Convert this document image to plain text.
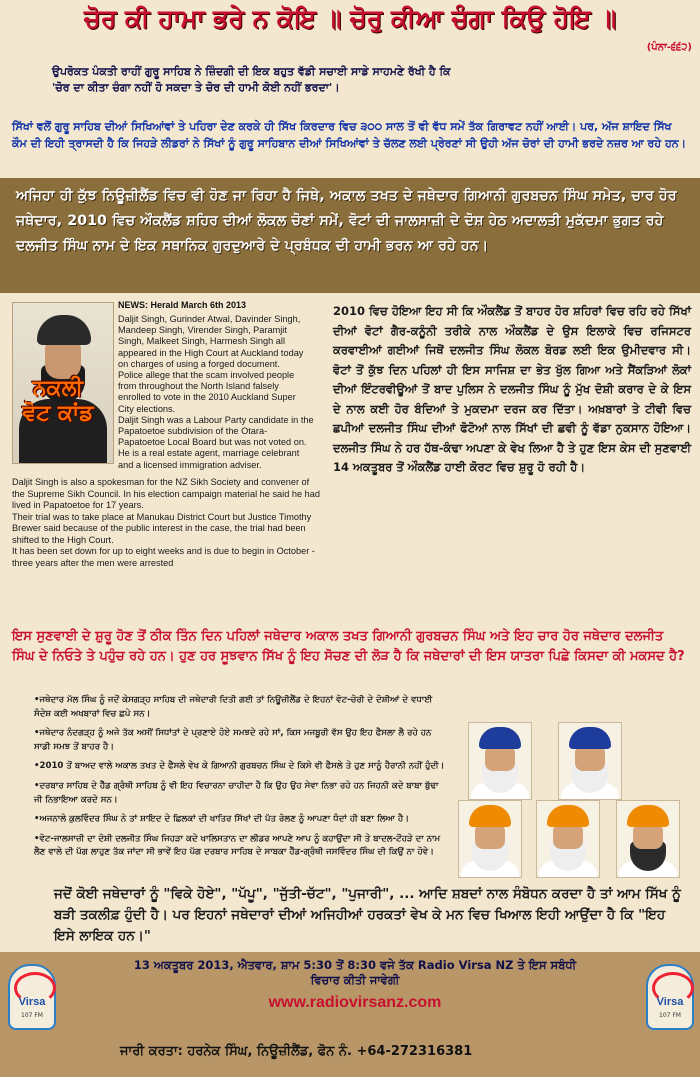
ਚੋਰ ਕੀ ਹਾਮਾ ਭਰੇ ਨ ਕੋਇ ॥ ਚੋਰੁ ਕੀਆ ਚੰਗਾ ਕਿਉ ਹੋਇ ॥
(ਪੰਨਾ-੬੬੨)

ਉਪਰੋਕਤ ਪੰਕਤੀ ਰਾਹੀਂ ਗੁਰੂ ਸਾਹਿਬ ਨੇ ਜ਼ਿੰਦਗੀ ਦੀ ਇਕ ਬਹੁਤ ਵੱਡੀ ਸਚਾਈ ਸਾਡੇ ਸਾਹਮਣੇ ਰੱਖੀ ਹੈ ਕਿ

'ਚੋਰ ਦਾ ਕੀਤਾ ਚੰਗਾ ਨਹੀਂ ਹੋ ਸਕਦਾ ਤੇ ਚੋਰ ਦੀ ਹਾਮੀ ਕੋਈ ਨਹੀਂ ਭਰਦਾ'।

ਸਿੱਖਾਂ ਵਲੋਂ ਗੁਰੂ ਸਾਹਿਬ ਦੀਆਂ ਸਿਖਿਆਂਵਾਂ ਤੇ ਪਹਿਰਾ ਦੇਣ ਕਰਕੇ ਹੀ ਸਿੱਖ ਕਿਰਦਾਰ ਵਿਚ ੩੦੦ ਸਾਲ ਤੋਂ ਵੀ ਵੱਧ ਸਮੇਂ ਤੱਕ ਗਿਰਾਵਟ ਨਹੀਂ ਆਈ। ਪਰ, ਅੱਜ ਸ਼ਾਇਦ ਸਿੱਖ ਕੌਮ ਦੀ ਇਹੀ ਤ੍ਰਾਸਦੀ ਹੈ ਕਿ ਜਿਹੜੇ ਲੀਡਰਾਂ ਨੇ ਸਿੱਖਾਂ ਨੂੰ ਗੁਰੂ ਸਾਹਿਬਾਨ ਦੀਆਂ ਸਿਖਿਆਂਵਾਂ ਤੇ ਚੱਲਣ ਲਈ ਪ੍ਰੇਰਣਾਂ ਸੀ ਉਹੀ ਅੱਜ ਚੋਰਾਂ ਦੀ ਹਾਮੀ ਭਰਦੇ ਨਜ਼ਰ ਆ ਰਹੇ ਹਨ।

ਅਜਿਹਾ ਹੀ ਕੁੱਝ ਨਿਊਜ਼ੀਲੈਂਡ ਵਿਚ ਵੀ ਹੋਣ ਜਾ ਰਿਹਾ ਹੈ ਜਿਥੇ, ਅਕਾਲ ਤਖਤ ਦੇ ਜਥੇਦਾਰ ਗਿਆਨੀ ਗੁਰਬਚਨ ਸਿੰਘ ਸਮੇਤ, ਚਾਰ ਹੋਰ ਜਥੇਦਾਰ, 2010 ਵਿਚ ਔਕਲੈਂਡ ਸ਼ਹਿਰ ਦੀਆਂ ਲੋਕਲ ਚੋਣਾਂ ਸਮੇਂ, ਵੋਟਾਂ ਦੀ ਜਾਲਸਾਜ਼ੀ ਦੇ ਦੋਸ਼ ਹੇਠ ਅਦਾਲਤੀ ਮੁਕੱਦਮਾ ਭੁਗਤ ਰਹੇ ਦਲਜੀਤ ਸਿੰਘ ਨਾਮ ਦੇ ਇਕ ਸਥਾਨਿਕ ਗੁਰਦੁਆਰੇ ਦੇ ਪ੍ਰਬੰਧਕ ਦੀ ਹਾਮੀ ਭਰਨ ਆ ਰਹੇ ਹਨ।

ਨਕਲੀ
ਵੋਟ ਕਾਂਡ
NEWS: Herald March 6th 2013

Daljit Singh, Gurinder Atwal, Davinder Singh, Mandeep Singh, Virender Singh, Paramjit Singh, Malkeet Singh, Harmesh Singh all appeared in the High Court at Auckland today on charges of using a forged document.

Police allege that the scam involved people from throughout the North Island falsely enrolled to vote in the 2010 Auckland Super City elections.

Daljit Singh was a Labour Party candidate in the Papatoetoe subdivision of the Otara-Papatoetoe Local Board but was not voted on. He is a real estate agent, marriage celebrant and a licensed immigration adviser.

Daljit Singh is also a spokesman for the NZ Sikh Society and convener of the Supreme Sikh Council. In his election campaign material he said he had lived in Papatoetoe for 17 years.

Their trial was to take place at Manukau District Court but Justice Timothy Brewer said because of the public interest in the case, the trial had been shifted to the High Court.

It has been set down for up to eight weeks and is due to begin in October - three years after the men were arrested

2010 ਵਿਚ ਹੋਇਆ ਇਹ ਸੀ ਕਿ ਔਕਲੈਂਡ ਤੋਂ ਬਾਹਰ ਹੋਰ ਸ਼ਹਿਰਾਂ ਵਿਚ ਰਹਿ ਰਹੇ ਸਿੱਖਾਂ ਦੀਆਂ ਵੋਟਾਂ ਗੈਰ-ਕਨੂੰਨੀ ਤਰੀਕੇ ਨਾਲ ਔਕਲੈਂਡ ਦੇ ਉਸ ਇਲਾਕੇ ਵਿਚ ਰਜਿਸਟਰ ਕਰਵਾਈਆਂ ਗਈਆਂ ਜਿਥੋਂ ਦਲਜੀਤ ਸਿੰਘ ਲੋਕਲ ਬੋਰਡ ਲਈ ਇਕ ਉਮੀਦਵਾਰ ਸੀ। ਵੋਟਾਂ ਤੋਂ ਕੁੱਝ ਦਿਨ ਪਹਿਲਾਂ ਹੀ ਇਸ ਸਾਜਿਸ਼ ਦਾ ਭੇਤ ਖੁੱਲ ਗਿਆ ਅਤੇ ਸੈਂਕੜਿਆਂ ਲੋਕਾਂ ਦੀਆਂ ਇੰਟਰਵੀਊਆਂ ਤੋਂ ਬਾਦ ਪੁਲਿਸ ਨੇ ਦਲਜੀਤ ਸਿੰਘ ਨੂੰ ਮੁੱਖ ਦੋਸ਼ੀ ਕਰਾਰ ਦੇ ਕੇ ਇਸ ਦੇ ਨਾਲ ਕਈ ਹੋਰ ਬੰਦਿਆਂ ਤੇ ਮੁਕਦਮਾ ਦਰਜ ਕਰ ਦਿੱਤਾ। ਅਖ਼ਬਾਰਾਂ ਤੇ ਟੀਵੀ ਵਿਚ ਛਪੀਆਂ ਦਲਜੀਤ ਸਿੰਘ ਦੀਆਂ ਫੋਟੋਆਂ ਨਾਲ ਸਿੱਖਾਂ ਦੀ ਛਵੀ ਨੂੰ ਵੱਡਾ ਨੁਕਸਾਨ ਹੋਇਆ। ਦਲਜੀਤ ਸਿੰਘ ਨੇ ਹਰ ਹੱਥ-ਕੰਢਾ ਅਪਣਾ ਕੇ ਵੇਖ ਲਿਆ ਹੈ ਤੇ ਹੁਣ ਇਸ ਕੇਸ ਦੀ ਸੁਣਵਾਈ 14 ਅਕਤੂਬਰ ਤੋਂ ਔਕਲੈਂਡ ਹਾਈ ਕੋਰਟ ਵਿਚ ਸ਼ੁਰੂ ਹੋ ਰਹੀ ਹੈ।
ਇਸ ਸੁਣਵਾਈ ਦੇ ਸ਼ੁਰੂ ਹੋਣ ਤੋਂ ਠੀਕ ਤਿੰਨ ਦਿਨ ਪਹਿਲਾਂ ਜਥੇਦਾਰ ਅਕਾਲ ਤਖਤ ਗਿਆਨੀ ਗੁਰਬਚਨ ਸਿੰਘ ਅਤੇ ਇਹ ਚਾਰ ਹੋਰ ਜਥੇਦਾਰ ਦਲਜੀਤ ਸਿੰਘ ਦੇ ਨਿਓਤੇ ਤੇ ਪਹੁੰਚ ਰਹੇ ਹਨ। ਹੁਣ ਹਰ ਸੂਝਵਾਨ ਸਿੱਖ ਨੂੰ ਇਹ ਸੋਚਣ ਦੀ ਲੋੜ ਹੈ ਕਿ ਜਥੇਦਾਰਾਂ ਦੀ ਇਸ ਯਾਤਰਾ ਪਿਛੇ ਕਿਸਦਾ ਕੀ ਮਕਸਦ ਹੈ?

•ਜਥੇਦਾਰ ਮੱਲ ਸਿੰਘ ਨੂੰ ਜਦੋਂ ਕੇਸਗੜ੍ਹ ਸਾਹਿਬ ਦੀ ਜਥੇਦਾਰੀ ਦਿਤੀ ਗਈ ਤਾਂ ਨਿਊਜ਼ੀਲੈਂਡ ਦੇ ਇਹਨਾਂ ਵੋਟ-ਚੋਰੀ ਦੇ ਦੋਸ਼ੀਆਂ ਦੇ ਵਧਾਈ ਸੰਦੇਸ਼ ਕਈ ਅਖਬਾਰਾਂ ਵਿਚ ਛਪੇ ਸਨ।

•ਜਥੇਦਾਰ ਨੰਦਗੜ੍ਹ ਨੂੰ ਅਜੇ ਤੱਕ ਅਸੀਂ ਸਿਧਾਂਤਾਂ ਦੇ ਪ੍ਰਣਾਏ ਹੋਏ ਸਮਝਦੇ ਰਹੇ ਸਾਂ, ਕਿਸ ਮਜਬੂਰੀ ਵੱਸ ਉਹ ਇਹ ਫੈਸਲਾ ਲੈ ਰਹੇ ਹਨ ਸਾਡੀ ਸਮਝ ਤੋਂ ਬਾਹਰ ਹੈ।

•2010 ਤੋਂ ਬਾਅਦ ਵਾਲੇ ਅਕਾਲ ਤਖਤ ਦੇ ਫੈਸਲੇ ਵੇਖ ਕੇ ਗਿਆਨੀ ਗੁਰਬਚਨ ਸਿੰਘ ਦੇ ਕਿਸੇ ਵੀ ਫੈਸਲੇ ਤੇ ਹੁਣ ਸਾਨੂੰ ਹੈਰਾਨੀ ਨਹੀਂ ਹੁੰਦੀ।

•ਦਰਬਾਰ ਸਾਹਿਬ ਦੇ ਹੈੱਡ ਗ੍ਰੰਥੀ ਸਾਹਿਬ ਨੂੰ ਵੀ ਇਹ ਵਿਚਾਰਨਾ ਚਾਹੀਦਾ ਹੈ ਕਿ ਉਹ ਉਹ ਸੇਵਾ ਨਿਭਾ ਰਹੇ ਹਨ ਜਿਹਨੀ ਕਦੇ ਬਾਬਾ ਬੁੱਢਾ ਜੀ ਨਿਭਾਇਆ ਕਰਦੇ ਸਨ।

•ਅਜਨਾਲੇ ਕੁਲਵਿੰਦਰ ਸਿੰਘ ਨੇ ਤਾਂ ਸ਼ਾਇਦ ਦੇ ਛਿਲਕਾਂ ਦੀ ਖਾਤਿਰ ਸਿੱਖਾਂ ਦੀ ਪੱਤ ਰੋਲਣ ਨੂੰ ਆਪਣਾ ਧੰਦਾਂ ਹੀ ਬਣਾ ਲਿਆ ਹੈ।

•ਵੋਟ-ਜਾਲਸਾਜ਼ੀ ਦਾ ਦੋਸ਼ੀ ਦਲਜੀਤ ਸਿੰਘ ਜਿਹੜਾ ਕਦੇ ਖਾਲਿਸਤਾਨ ਦਾ ਲੀਡਰ ਆਪਣੇ ਆਪ ਨੂੰ ਕਹਾਉਂਦਾ ਸੀ ਤੇ ਬਾਦਲ-ਟੌਹੜੇ ਦਾ ਨਾਮ ਲੈਣ ਵਾਲੇ ਦੀ ਪੱਗ ਲਾਹੁਣ ਤੱਕ ਜਾਂਦਾ ਸੀ ਭਾਵੇਂ ਇਹ ਪੱਗ ਦਰਬਾਰ ਸਾਹਿਬ ਦੇ ਸਾਬਕਾ ਹੈੱਡ-ਗ੍ਰੰਥੀ ਜਸਵਿੰਦਰ ਸਿੰਘ ਦੀ ਕਿਉਂ ਨਾ ਹੋਵੇ।

ਜਦੋਂ ਕੋਈ ਜਥੇਦਾਰਾਂ ਨੂੰ "ਵਿਕੇ ਹੋਏ", "ਪੱਪੂ", "ਜੁੱਤੀ-ਚੱਟ", "ਪੁਜਾਰੀ", ... ਆਦਿ ਸ਼ਬਦਾਂ ਨਾਲ ਸੰਬੋਧਨ ਕਰਦਾ ਹੈ ਤਾਂ ਆਮ ਸਿੱਖ ਨੂੰ ਬੜੀ ਤਕਲੀਫ਼ ਹੁੰਦੀ ਹੈ। ਪਰ ਇਹਨਾਂ ਜਥੇਦਾਰਾਂ ਦੀਆਂ ਅਜਿਹੀਆਂ ਹਰਕਤਾਂ ਵੇਖ ਕੇ ਮਨ ਵਿਚ ਖਿਆਲ ਇਹੀ ਆਉਂਦਾ ਹੈ ਕਿ "ਇਹ ਇਸੇ ਲਾਇਕ ਹਨ।"
Virsa
107 FM
Virsa
107 FM
13 ਅਕਤੂਬਰ 2013, ਐਤਵਾਰ, ਸ਼ਾਮ 5:30 ਤੋਂ 8:30 ਵਜੇ ਤੱਕ Radio Virsa NZ ਤੇ ਇਸ ਸਬੰਧੀ ਵਿਚਾਰ ਕੀਤੀ ਜਾਵੇਗੀ
www.radiovirsanz.com
ਜਾਰੀ ਕਰਤਾ: ਹਰਨੇਕ ਸਿੰਘ, ਨਿਊਜ਼ੀਲੈਂਡ, ਫੋਨ ਨੰ. +64-272316381
